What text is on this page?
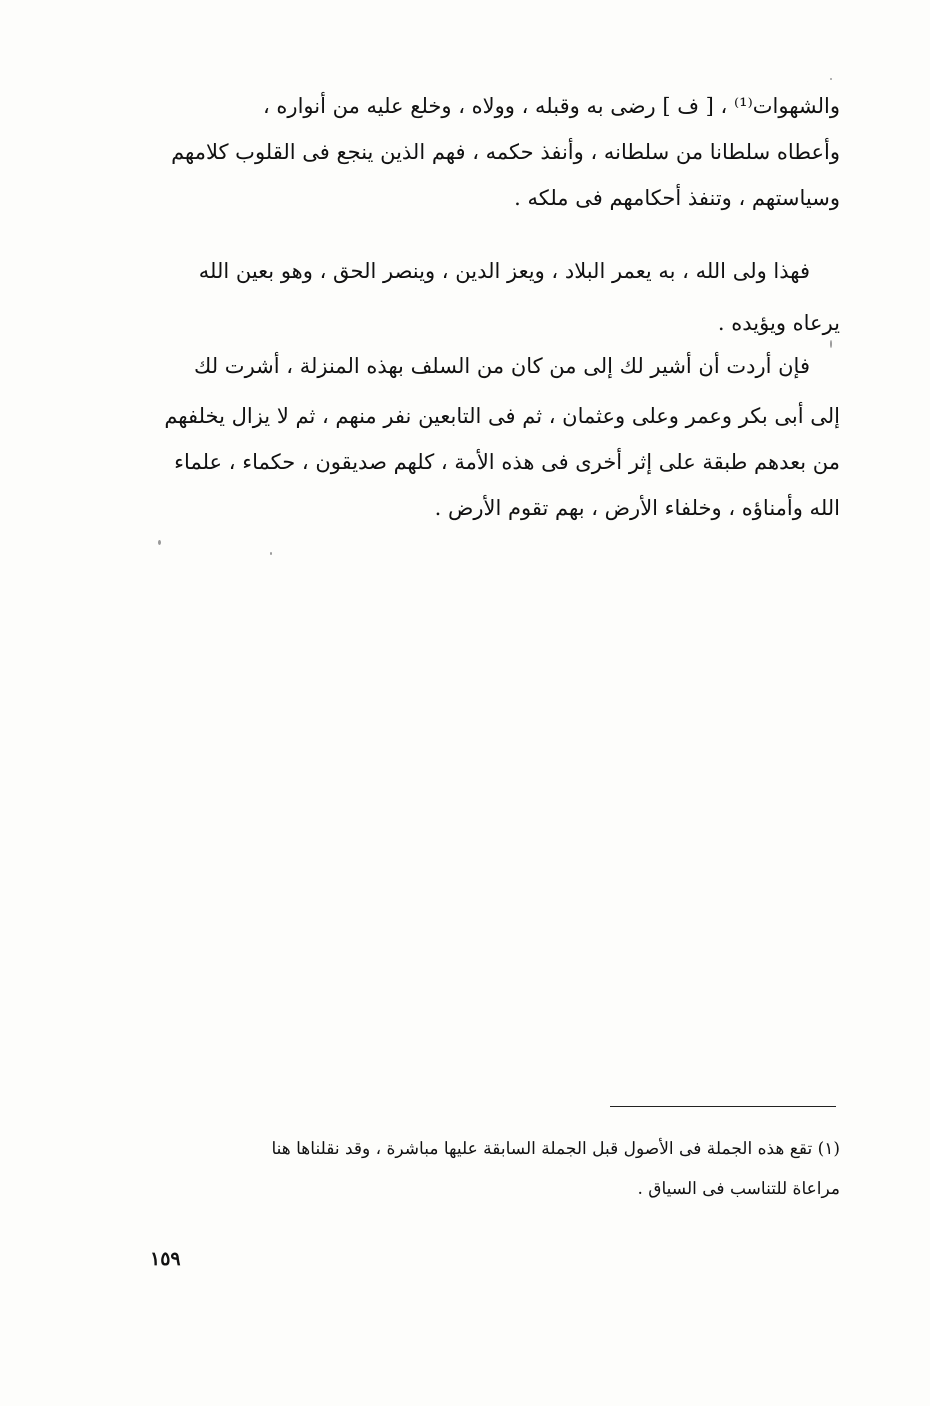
والشهوات⁽¹⁾ ، [ ف ] رضى به وقبله ، وولاه ، وخلع عليه من أنواره ،
وأعطاه سلطانا من سلطانه ، وأنفذ حكمه ، فهم الذين ينجع فى القلوب كلامهم
وسياستهم ، وتنفذ أحكامهم فى ملكه .
فهذا ولى الله ، به يعمر البلاد ، ويعز الدين ، وينصر الحق ، وهو بعين الله
يرعاه ويؤيده .
فإن أردت أن أشير لك إلى من كان من السلف بهذه المنزلة ، أشرت لك
إلى أبى بكر وعمر وعلى وعثمان ، ثم فى التابعين نفر منهم ، ثم لا يزال يخلفهم
من بعدهم طبقة على إثر أخرى فى هذه الأمة ، كلهم صديقون ، حكماء ، علماء
الله وأمناؤه ، وخلفاء الأرض ، بهم تقوم الأرض .
(١) تقع هذه الجملة فى الأصول قبل الجملة السابقة عليها مباشرة ، وقد نقلناها هنا
مراعاة للتناسب فى السياق .
١٥٩
